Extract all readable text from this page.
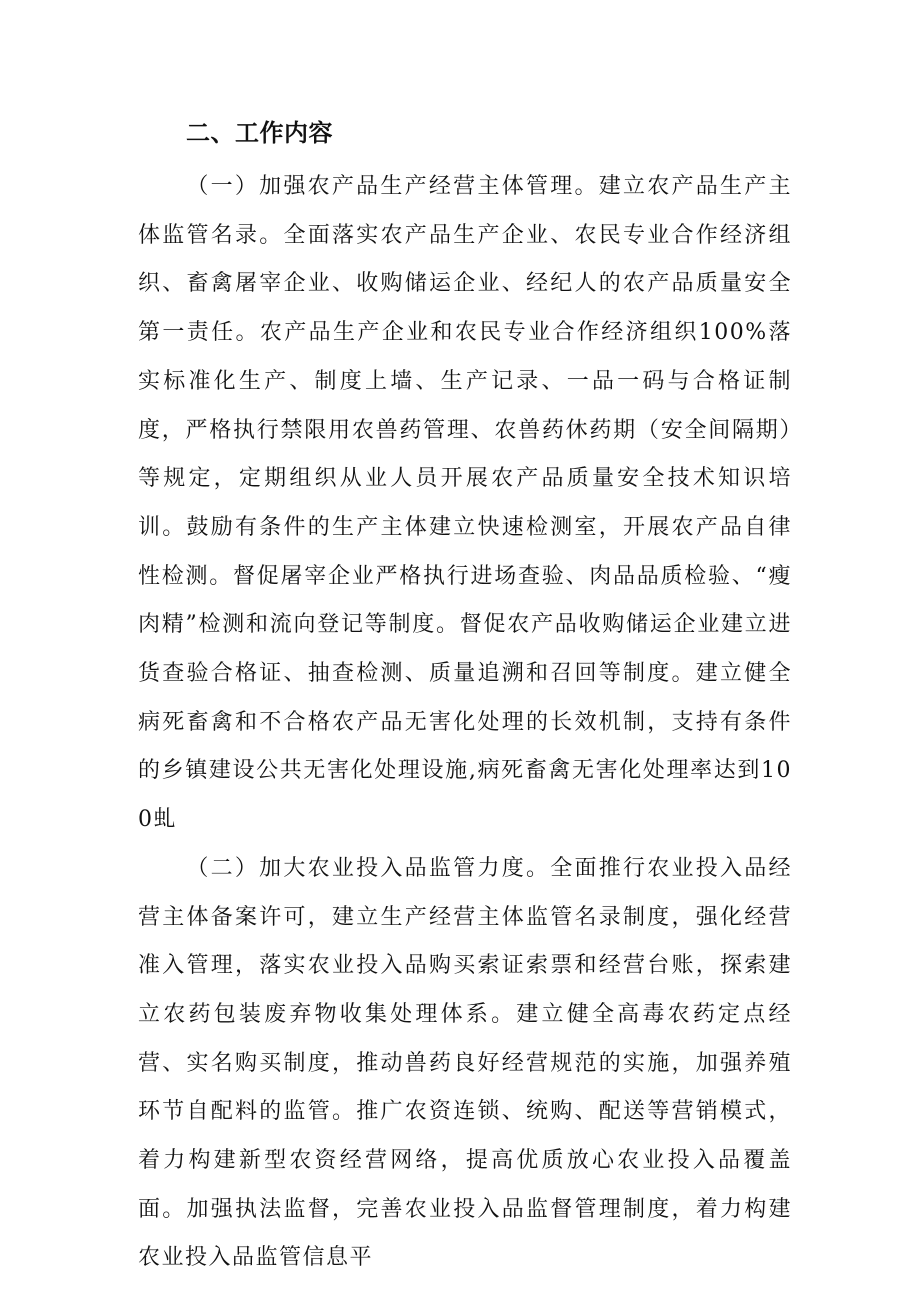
二、工作内容

（一）加强农产品生产经营主体管理。建立农产品生产主体监管名录。全面落实农产品生产企业、农民专业合作经济组织、畜禽屠宰企业、收购储运企业、经纪人的农产品质量安全第一责任。农产品生产企业和农民专业合作经济组织100%落实标准化生产、制度上墙、生产记录、一品一码与合格证制度，严格执行禁限用农兽药管理、农兽药休药期（安全间隔期）等规定，定期组织从业人员开展农产品质量安全技术知识培训。鼓励有条件的生产主体建立快速检测室，开展农产品自律性检测。督促屠宰企业严格执行进场查验、肉品品质检验、“瘦肉精”检测和流向登记等制度。督促农产品收购储运企业建立进货查验合格证、抽查检测、质量追溯和召回等制度。建立健全病死畜禽和不合格农产品无害化处理的长效机制，支持有条件的乡镇建设公共无害化处理设施,病死畜禽无害化处理率达到100虬

（二）加大农业投入品监管力度。全面推行农业投入品经营主体备案许可，建立生产经营主体监管名录制度，强化经营准入管理，落实农业投入品购买索证索票和经营台账，探索建立农药包装废弃物收集处理体系。建立健全高毒农药定点经营、实名购买制度，推动兽药良好经营规范的实施，加强养殖环节自配料的监管。推广农资连锁、统购、配送等营销模式，着力构建新型农资经营网络，提高优质放心农业投入品覆盖面。加强执法监督，完善农业投入品监督管理制度，着力构建农业投入品监管信息平
